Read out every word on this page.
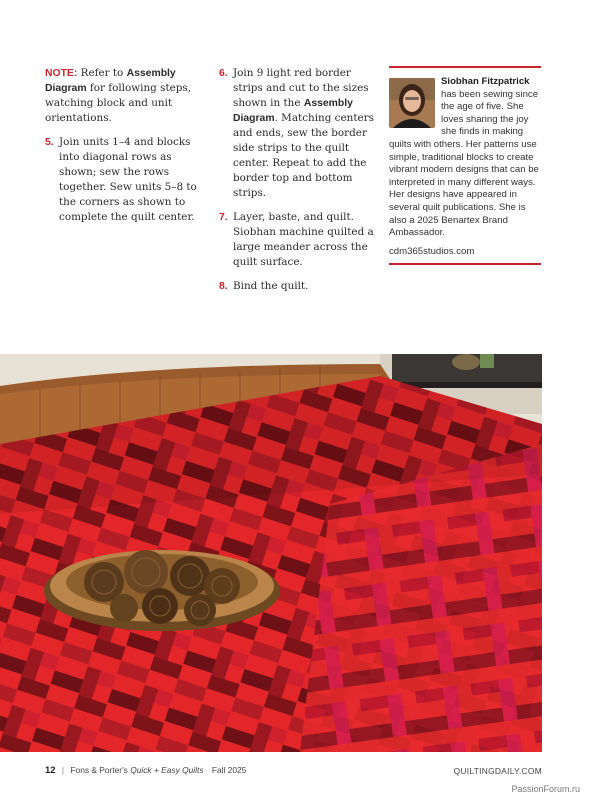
NOTE: Refer to Assembly Diagram for following steps, watching block and unit orientations.
5. Join units 1–4 and blocks into diagonal rows as shown; sew the rows together. Sew units 5–8 to the corners as shown to complete the quilt center.
6. Join 9 light red border strips and cut to the sizes shown in the Assembly Diagram. Matching centers and ends, sew the border side strips to the quilt center. Repeat to add the border top and bottom strips.
7. Layer, baste, and quilt. Siobhan machine quilted a large meander across the quilt surface.
8. Bind the quilt.
Siobhan Fitzpatrick has been sewing since the age of five. She loves sharing the joy she finds in making quilts with others. Her patterns use simple, traditional blocks to create vibrant modern designs that can be interpreted in many different ways. Her designs have appeared in several quilt publications. She is also a 2025 Benartex Brand Ambassador.
cdm365studios.com
12 | Fons & Porter's Quick + Easy Quilts Fall 2025	QUILTINGDAILY.COM
PassionForum.ru
